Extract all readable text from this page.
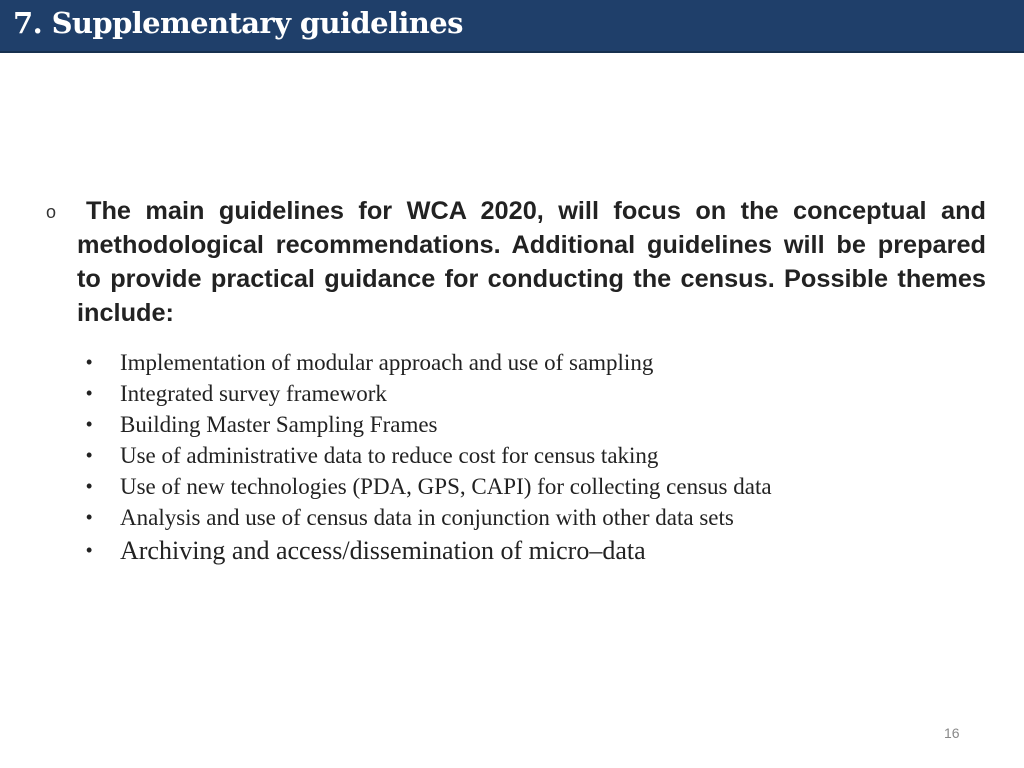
7. Supplementary guidelines
o	The main guidelines for WCA 2020, will focus on the conceptual and methodological recommendations. Additional guidelines will be prepared to provide practical guidance for conducting the census. Possible themes include:

• Implementation of modular approach and use of sampling
• Integrated survey framework
• Building Master Sampling Frames
• Use of administrative data to reduce cost for census taking
• Use of new technologies (PDA, GPS, CAPI) for collecting census data
• Analysis and use of census data in conjunction with other data sets
• Archiving and access/dissemination of micro–data
16
